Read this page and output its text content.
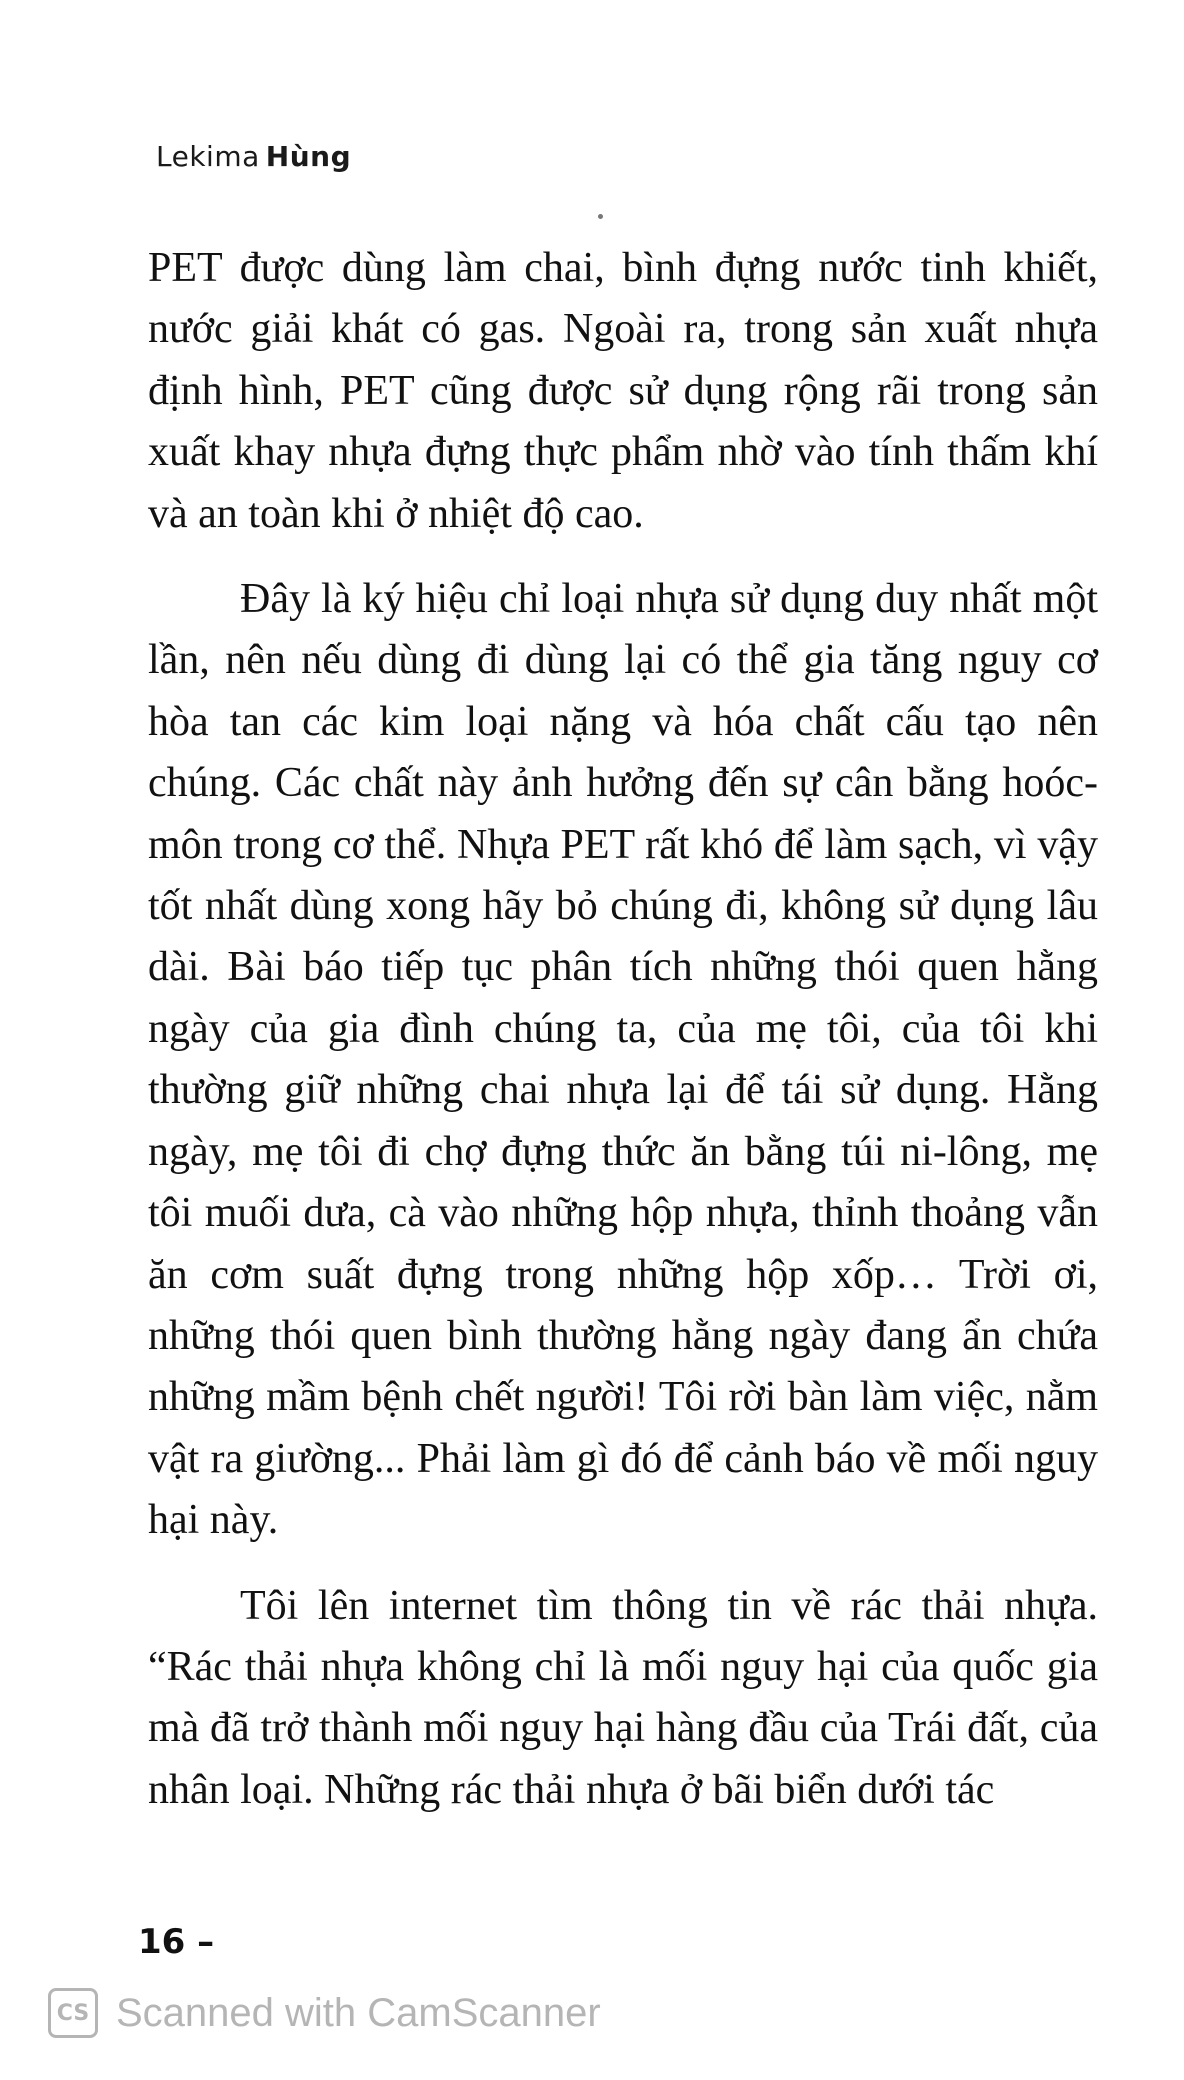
Lekima Hùng

PET được dùng làm chai, bình đựng nước tinh khiết, nước giải khát có gas. Ngoài ra, trong sản xuất nhựa định hình, PET cũng được sử dụng rộng rãi trong sản xuất khay nhựa đựng thực phẩm nhờ vào tính thấm khí và an toàn khi ở nhiệt độ cao.

Đây là ký hiệu chỉ loại nhựa sử dụng duy nhất một lần, nên nếu dùng đi dùng lại có thể gia tăng nguy cơ hòa tan các kim loại nặng và hóa chất cấu tạo nên chúng. Các chất này ảnh hưởng đến sự cân bằng hoóc-môn trong cơ thể. Nhựa PET rất khó để làm sạch, vì vậy tốt nhất dùng xong hãy bỏ chúng đi, không sử dụng lâu dài. Bài báo tiếp tục phân tích những thói quen hằng ngày của gia đình chúng ta, của mẹ tôi, của tôi khi thường giữ những chai nhựa lại để tái sử dụng. Hằng ngày, mẹ tôi đi chợ đựng thức ăn bằng túi ni-lông, mẹ tôi muối dưa, cà vào những hộp nhựa, thỉnh thoảng vẫn ăn cơm suất đựng trong những hộp xốp… Trời ơi, những thói quen bình thường hằng ngày đang ẩn chứa những mầm bệnh chết người! Tôi rời bàn làm việc, nằm vật ra giường... Phải làm gì đó để cảnh báo về mối nguy hại này.

Tôi lên internet tìm thông tin về rác thải nhựa. “Rác thải nhựa không chỉ là mối nguy hại của quốc gia mà đã trở thành mối nguy hại hàng đầu của Trái đất, của nhân loại. Những rác thải nhựa ở bãi biển dưới tác

16 –
CS Scanned with CamScanner
